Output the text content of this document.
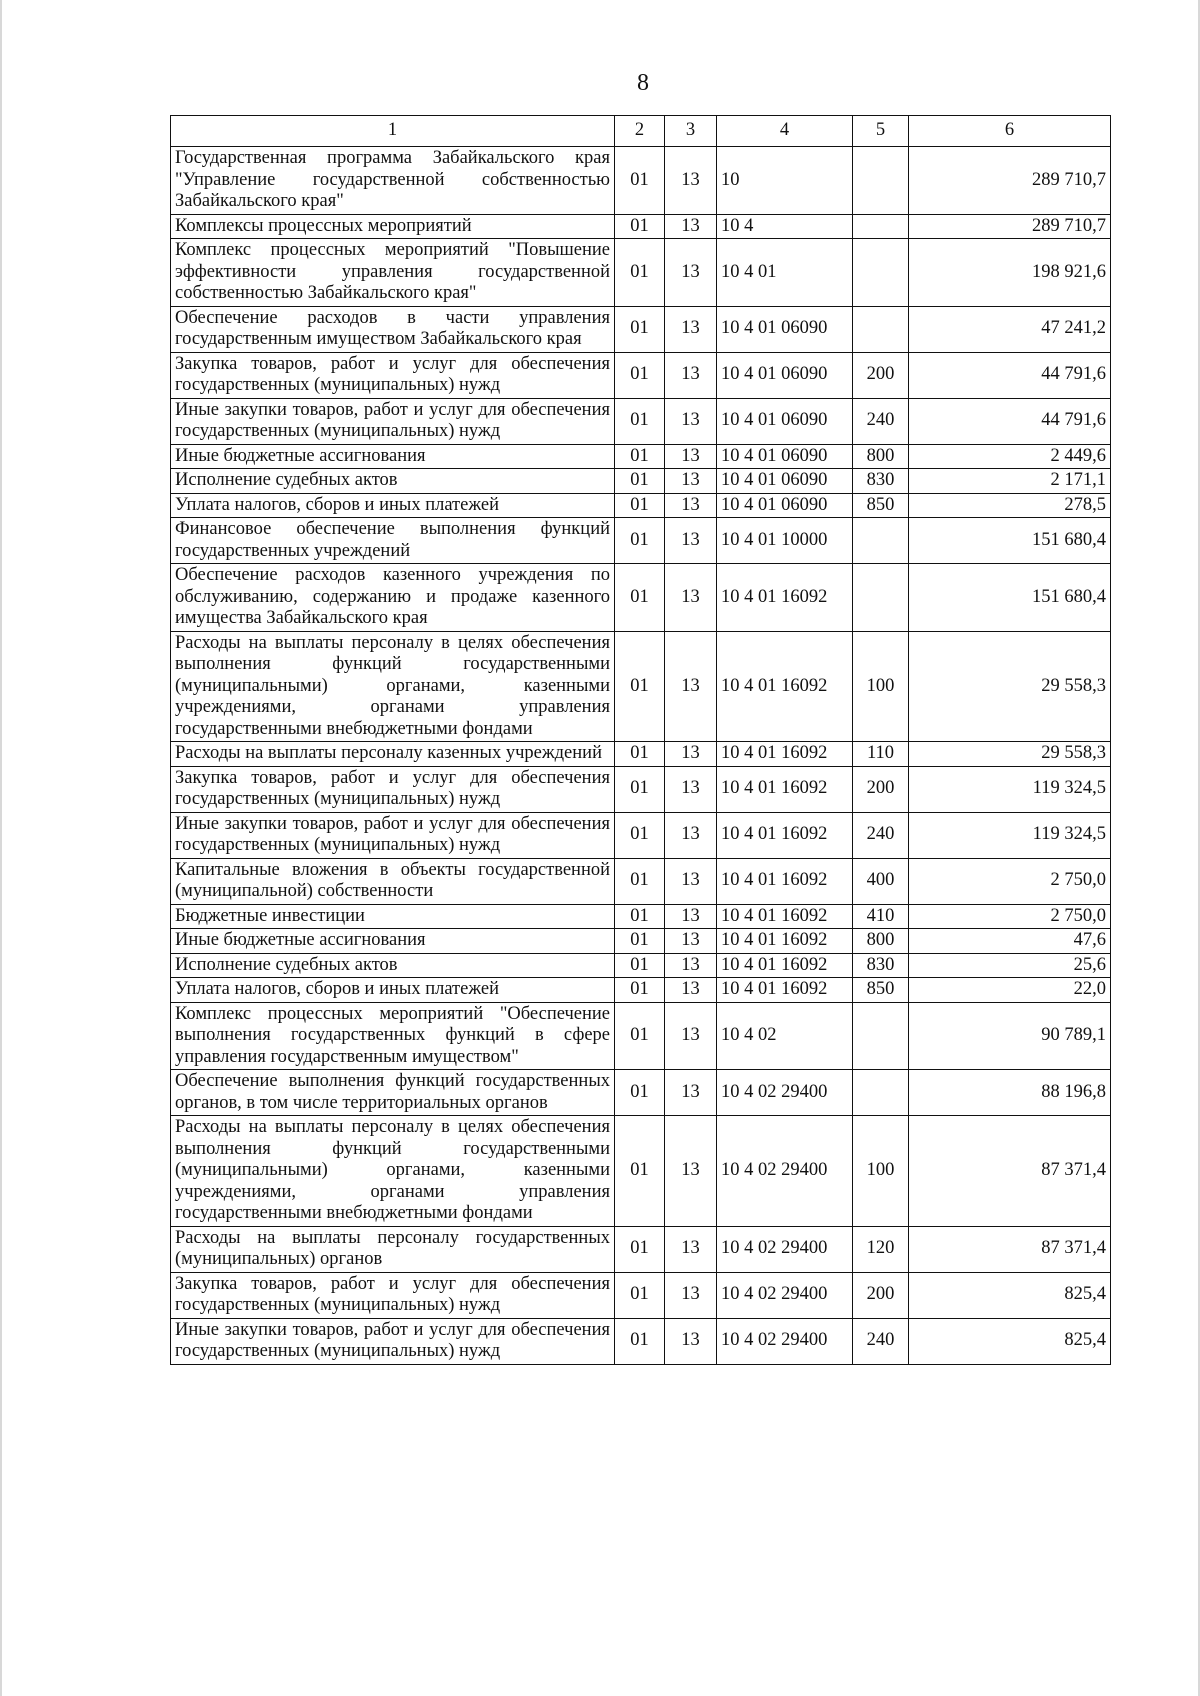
8
1	2	3	4	5	6
Государственная программа Забайкальского края "Управление государственной собственностью Забайкальского края"	01	13	10		289 710,7
Комплексы процессных мероприятий	01	13	10 4		289 710,7
Комплекс процессных мероприятий "Повышение эффективности управления государственной собственностью Забайкальского края"	01	13	10 4 01		198 921,6
Обеспечение расходов в части управления государственным имуществом Забайкальского края	01	13	10 4 01 06090		47 241,2
Закупка товаров, работ и услуг для обеспечения государственных (муниципальных) нужд	01	13	10 4 01 06090	200	44 791,6
Иные закупки товаров, работ и услуг для обеспечения государственных (муниципальных) нужд	01	13	10 4 01 06090	240	44 791,6
Иные бюджетные ассигнования	01	13	10 4 01 06090	800	2 449,6
Исполнение судебных актов	01	13	10 4 01 06090	830	2 171,1
Уплата налогов, сборов и иных платежей	01	13	10 4 01 06090	850	278,5
Финансовое обеспечение выполнения функций государственных учреждений	01	13	10 4 01 10000		151 680,4
Обеспечение расходов казенного учреждения по обслуживанию, содержанию и продаже казенного имущества Забайкальского края	01	13	10 4 01 16092		151 680,4
Расходы на выплаты персоналу в целях обеспечения выполнения функций государственными (муниципальными) органами, казенными учреждениями, органами управления государственными внебюджетными фондами	01	13	10 4 01 16092	100	29 558,3
Расходы на выплаты персоналу казенных учреждений	01	13	10 4 01 16092	110	29 558,3
Закупка товаров, работ и услуг для обеспечения государственных (муниципальных) нужд	01	13	10 4 01 16092	200	119 324,5
Иные закупки товаров, работ и услуг для обеспечения государственных (муниципальных) нужд	01	13	10 4 01 16092	240	119 324,5
Капитальные вложения в объекты государственной (муниципальной) собственности	01	13	10 4 01 16092	400	2 750,0
Бюджетные инвестиции	01	13	10 4 01 16092	410	2 750,0
Иные бюджетные ассигнования	01	13	10 4 01 16092	800	47,6
Исполнение судебных актов	01	13	10 4 01 16092	830	25,6
Уплата налогов, сборов и иных платежей	01	13	10 4 01 16092	850	22,0
Комплекс процессных мероприятий "Обеспечение выполнения государственных функций в сфере управления государственным имуществом"	01	13	10 4 02		90 789,1
Обеспечение выполнения функций государственных органов, в том числе территориальных органов	01	13	10 4 02 29400		88 196,8
Расходы на выплаты персоналу в целях обеспечения выполнения функций государственными (муниципальными) органами, казенными учреждениями, органами управления государственными внебюджетными фондами	01	13	10 4 02 29400	100	87 371,4
Расходы на выплаты персоналу государственных (муниципальных) органов	01	13	10 4 02 29400	120	87 371,4
Закупка товаров, работ и услуг для обеспечения государственных (муниципальных) нужд	01	13	10 4 02 29400	200	825,4
Иные закупки товаров, работ и услуг для обеспечения государственных (муниципальных) нужд	01	13	10 4 02 29400	240	825,4
